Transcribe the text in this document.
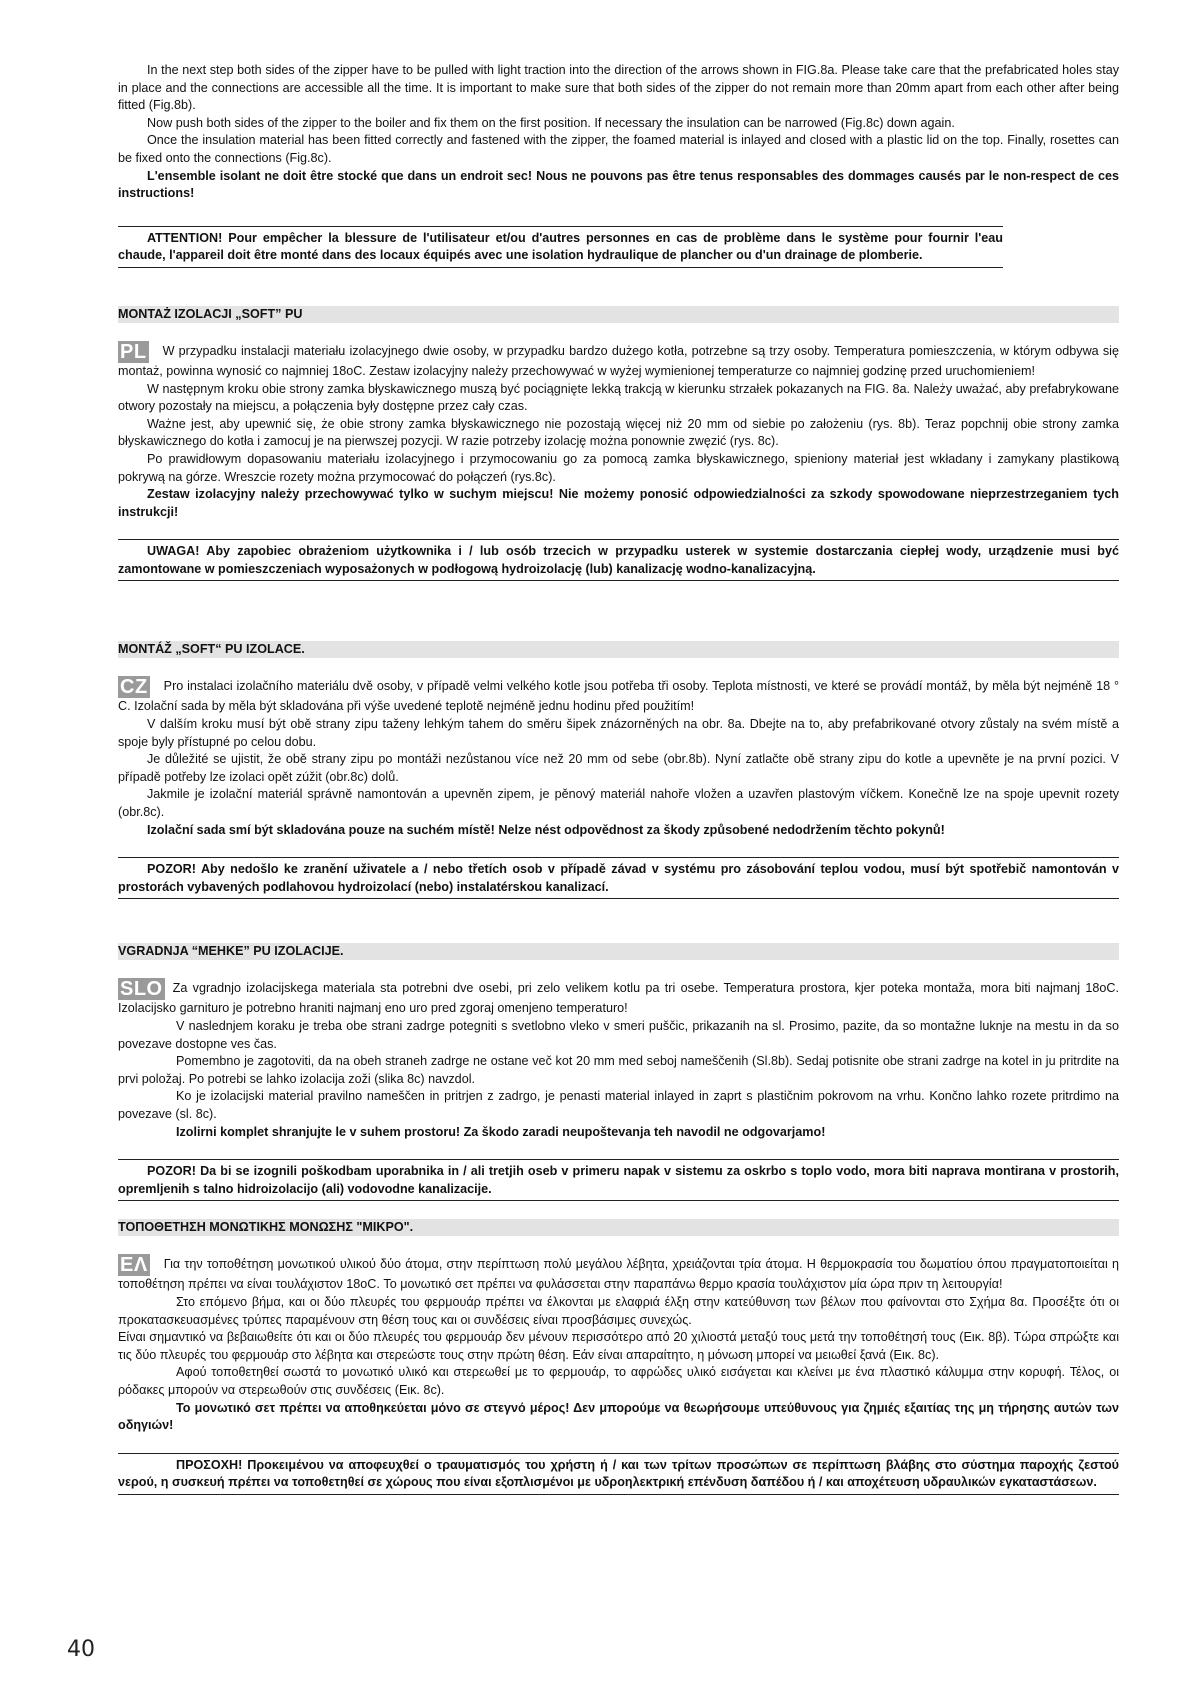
In the next step both sides of the zipper have to be pulled with light traction into the direction of the arrows shown in FIG.8a. Please take care that the prefabricated holes stay in place and the connections are accessible all the time. It is important to make sure that both sides of the zipper do not remain more than 20mm apart from each other after being fitted (Fig.8b).

Now push both sides of the zipper to the boiler and fix them on the first position. If necessary the insulation can be narrowed (Fig.8c) down again.

Once the insulation material has been fitted correctly and fastened with the zipper, the foamed material is inlayed and closed with a plastic lid on the top. Finally, rosettes can be fixed onto the connections (Fig.8c).

L'ensemble isolant ne doit être stocké que dans un endroit sec! Nous ne pouvons pas être tenus responsables des dommages causés par le non-respect de ces instructions!

ATTENTION! Pour empêcher la blessure de l'utilisateur et/ou d'autres personnes en cas de problème dans le système pour fournir l'eau chaude, l'appareil doit être monté dans des locaux équipés avec une isolation hydraulique de plancher ou d'un drainage de plomberie.

MONTAŻ IZOLACJI „SOFT” PU

PL W przypadku instalacji materiału izolacyjnego dwie osoby, w przypadku bardzo dużego kotła, potrzebne są trzy osoby. Temperatura pomieszczenia, w którym odbywa się montaż, powinna wynosić co najmniej 18oC. Zestaw izolacyjny należy przechowywać w wyżej wymienionej temperaturze co najmniej godzinę przed uruchomieniem!

W następnym kroku obie strony zamka błyskawicznego muszą być pociągnięte lekką trakcją w kierunku strzałek pokazanych na FIG. 8a. Należy uważać, aby prefabrykowane otwory pozostały na miejscu, a połączenia były dostępne przez cały czas.

Ważne jest, aby upewnić się, że obie strony zamka błyskawicznego nie pozostają więcej niż 20 mm od siebie po założeniu (rys. 8b). Teraz popchnij obie strony zamka błyskawicznego do kotła i zamocuj je na pierwszej pozycji. W razie potrzeby izolację można ponownie zwęzić (rys. 8c).

Po prawidłowym dopasowaniu materiału izolacyjnego i przymocowaniu go za pomocą zamka błyskawicznego, spieniony materiał jest wkładany i zamykany plastikową pokrywą na górze. Wreszcie rozety można przymocować do połączeń (rys.8c).

Zestaw izolacyjny należy przechowywać tylko w suchym miejscu! Nie możemy ponosić odpowiedzialności za szkody spowodowane nieprzestrzeganiem tych instrukcji!

UWAGA! Aby zapobiec obrażeniom użytkownika i / lub osób trzecich w przypadku usterek w systemie dostarczania ciepłej wody, urządzenie musi być zamontowane w pomieszczeniach wyposażonych w podłogową hydroizolację (lub) kanalizację wodno-kanalizacyjną.

MONTÁŽ „SOFT“ PU IZOLACE.

CZ Pro instalaci izolačního materiálu dvě osoby, v případě velmi velkého kotle jsou potřeba tři osoby. Teplota místnosti, ve které se provádí montáž, by měla být nejméně 18 ° C. Izolační sada by měla být skladována při výše uvedené teplotě nejméně jednu hodinu před použitím!

V dalším kroku musí být obě strany zipu taženy lehkým tahem do směru šipek znázorněných na obr. 8a. Dbejte na to, aby prefabrikované otvory zůstaly na svém místě a spoje byly přístupné po celou dobu.

Je důležité se ujistit, že obě strany zipu po montáži nezůstanou více než 20 mm od sebe (obr.8b). Nyní zatlačte obě strany zipu do kotle a upevněte je na první pozici. V případě potřeby lze izolaci opět zúžit (obr.8c) dolů.

Jakmile je izolační materiál správně namontován a upevněn zipem, je pěnový materiál nahoře vložen a uzavřen plastovým víčkem. Konečně lze na spoje upevnit rozety (obr.8c).

Izolační sada smí být skladována pouze na suchém místě! Nelze nést odpovědnost za škody způsobené nedodržením těchto pokynů!

POZOR! Aby nedošlo ke zranění uživatele a / nebo třetích osob v případě závad v systému pro zásobování teplou vodou, musí být spotřebič namontován v prostorách vybavených podlahovou hydroizolací (nebo) instalatérskou kanalizací.

VGRADNJA “MEHKE” PU IZOLACIJE.

SLO Za vgradnjo izolacijskega materiala sta potrebni dve osebi, pri zelo velikem kotlu pa tri osebe. Temperatura prostora, kjer poteka montaža, mora biti najmanj 18oC. Izolacijsko garnituro je potrebno hraniti najmanj eno uro pred zgoraj omenjeno temperaturo!

V naslednjem koraku je treba obe strani zadrge potegniti s svetlobno vleko v smeri puščic, prikazanih na sl. Prosimo, pazite, da so montažne luknje na mestu in da so povezave dostopne ves čas.

Pomembno je zagotoviti, da na obeh straneh zadrge ne ostane več kot 20 mm med seboj nameščenih (Sl.8b). Sedaj potisnite obe strani zadrge na kotel in ju pritrdite na prvi položaj. Po potrebi se lahko izolacija zoži (slika 8c) navzdol.

Ko je izolacijski material pravilno nameščen in pritrjen z zadrgo, je penasti material inlayed in zaprt s plastičnim pokrovom na vrhu. Končno lahko rozete pritrdimo na povezave (sl. 8c).

Izolirni komplet shranjujte le v suhem prostoru! Za škodo zaradi neupoštevanja teh navodil ne odgovarjamo!

POZOR! Da bi se izognili poškodbam uporabnika in / ali tretjih oseb v primeru napak v sistemu za oskrbo s toplo vodo, mora biti naprava montirana v prostorih, opremljenih s talno hidroizolacijo (ali) vodovodne kanalizacije.

ΤΟΠΟΘΕΤΗΣΗ ΜΟΝΩΤΙΚΗΣ ΜΟΝΩΣΗΣ "ΜΙΚΡΟ".

ΕΛ Για την τοποθέτηση μονωτικού υλικού δύο άτομα, στην περίπτωση πολύ μεγάλου λέβητα, χρειάζονται τρία άτομα. Η θερμοκρασία του δωματίου όπου πραγματοποιείται η τοποθέτηση πρέπει να είναι τουλάχιστον 18oC. Το μονωτικό σετ πρέπει να φυλάσσεται στην παραπάνω θερμο κρασία τουλάχιστον μία ώρα πριν τη λειτουργία!

Στο επόμενο βήμα, και οι δύο πλευρές του φερμουάρ πρέπει να έλκονται με ελαφριά έλξη στην κατεύθυνση των βέλων που φαίνονται στο Σχήμα 8α. Προσέξτε ότι οι προκατασκευασμένες τρύπες παραμένουν στη θέση τους και οι συνδέσεις είναι προσβάσιμες συνεχώς.

Είναι σημαντικό να βεβαιωθείτε ότι και οι δύο πλευρές του φερμουάρ δεν μένουν περισσότερο από 20 χιλιοστά μεταξύ τους μετά την τοποθέτησή τους (Εικ. 8β). Τώρα σπρώξτε και τις δύο πλευρές του φερμουάρ στο λέβητα και στερεώστε τους στην πρώτη θέση. Εάν είναι απαραίτητο, η μόνωση μπορεί να μειωθεί ξανά (Εικ. 8c).

Αφού τοποθετηθεί σωστά το μονωτικό υλικό και στερεωθεί με το φερμουάρ, το αφρώδες υλικό εισάγεται και κλείνει με ένα πλαστικό κάλυμμα στην κορυφή. Τέλος, οι ρόδακες μπορούν να στερεωθούν στις συνδέσεις (Εικ. 8c).

Το μονωτικό σετ πρέπει να αποθηκεύεται μόνο σε στεγνό μέρος! Δεν μπορούμε να θεωρήσουμε υπεύθυνους για ζημιές εξαιτίας της μη τήρησης αυτών των οδηγιών!

ΠΡΟΣΟΧΗ! Προκειμένου να αποφευχθεί ο τραυματισμός του χρήστη ή / και των τρίτων προσώπων σε περίπτωση βλάβης στο σύστημα παροχής ζεστού νερού, η συσκευή πρέπει να τοποθετηθεί σε χώρους που είναι εξοπλισμένοι με υδρoηλεκτρική επένδυση δαπέδου ή / και αποχέτευση υδραυλικών εγκαταστάσεων.

40
